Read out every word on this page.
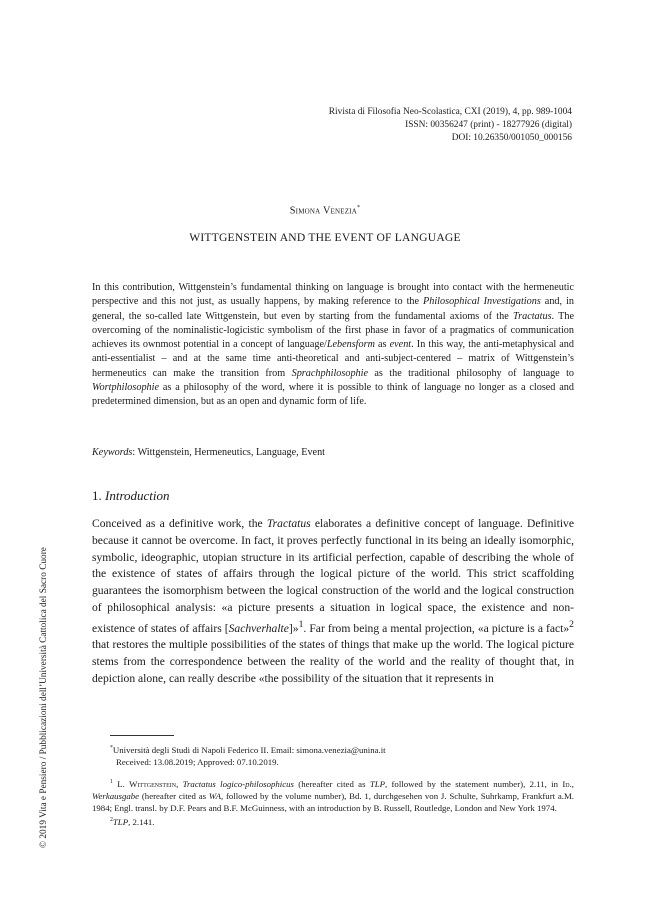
Rivista di Filosofia Neo-Scolastica, CXI (2019), 4, pp. 989-1004
ISSN: 00356247 (print) - 18277926 (digital)
DOI: 10.26350/001050_000156
Simona Venezia*
WITTGENSTEIN AND THE EVENT OF LANGUAGE
In this contribution, Wittgenstein’s fundamental thinking on language is brought into contact with the hermeneutic perspective and this not just, as usually happens, by making reference to the Philosophical Investigations and, in general, the so-called late Wittgenstein, but even by starting from the fundamental axioms of the Tractatus. The overcoming of the nominalistic-logicistic symbolism of the first phase in favor of a pragmatics of communication achieves its ownmost potential in a concept of language/Lebensform as event. In this way, the anti-metaphysical and anti-essentialist – and at the same time anti-theoretical and anti-subject-centered – matrix of Wittgenstein’s hermeneutics can make the transition from Sprachphilosophie as the traditional philosophy of language to Wortphilosophie as a philosophy of the word, where it is possible to think of language no longer as a closed and predetermined dimension, but as an open and dynamic form of life.
Keywords: Wittgenstein, Hermeneutics, Language, Event
1. Introduction

Conceived as a definitive work, the Tractatus elaborates a definitive concept of language. Definitive because it cannot be overcome. In fact, it proves perfectly functional in its being an ideally isomorphic, symbolic, ideographic, utopian structure in its artificial perfection, capable of describing the whole of the existence of states of affairs through the logical picture of the world. This strict scaffolding guarantees the isomorphism between the logical construction of the world and the logical construction of philosophical analysis: «a picture presents a situation in logical space, the existence and non-existence of states of affairs [Sachverhalte]»$^1$. Far from being a mental projection, «a picture is a fact»$^2$ that restores the multiple possibilities of the states of things that make up the world. The logical picture stems from the correspondence between the reality of the world and the reality of thought that, in depiction alone, can really describe «the possibility of the situation that it represents in

*Università degli Studi di Napoli Federico II. Email: simona.venezia@unina.it

Received: 13.08.2019; Approved: 07.10.2019.

$^1$ L. Wittgenstein, Tractatus logico-philosophicus (hereafter cited as TLP, followed by the statement number), 2.11, in Id., Werkausgabe (hereafter cited as WA, followed by the volume number), Bd. 1, durchgesehen von J. Schulte, Suhrkamp, Frankfurt a.M. 1984; Engl. transl. by D.F. Pears and B.F. McGuinness, with an introduction by B. Russell, Routledge, London and New York 1974.

$^2$TLP, 2.141.

© 2019 Vita e Pensiero / Pubblicazioni dell’Università Cattolica del Sacro Cuore
